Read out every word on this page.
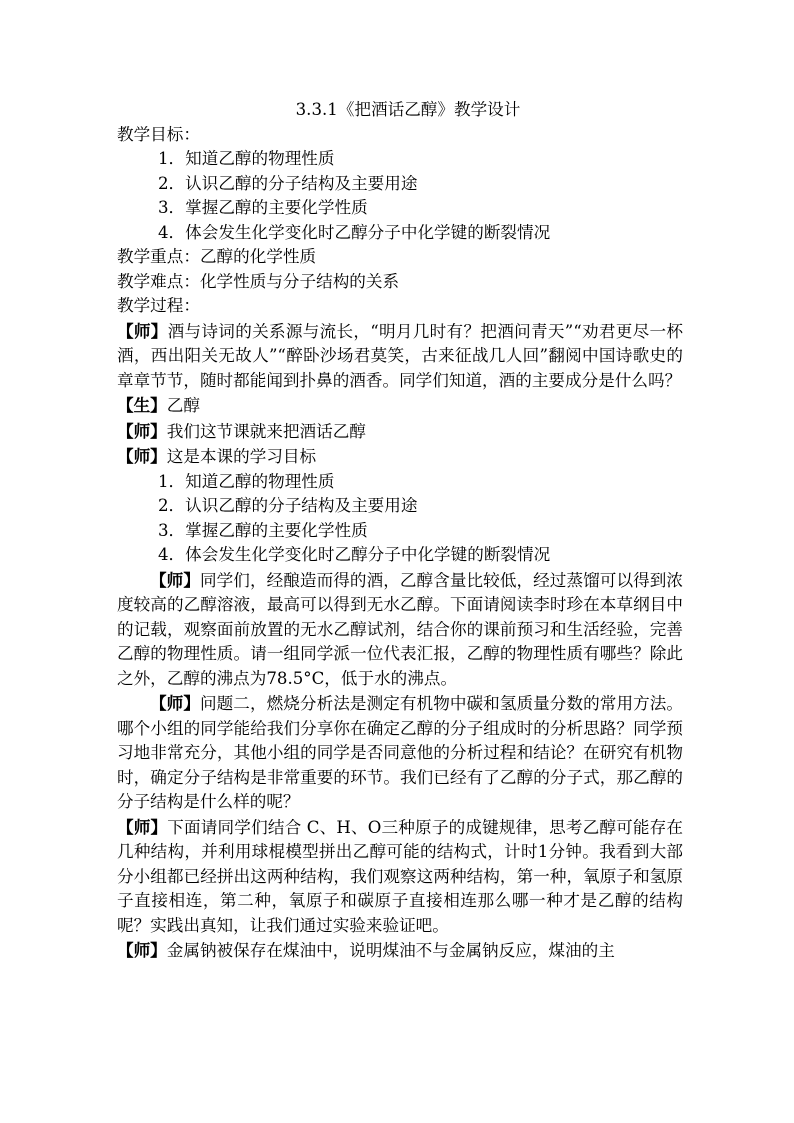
3.3.1《把酒话乙醇》教学设计

教学目标：

1．知道乙醇的物理性质

2．认识乙醇的分子结构及主要用途

3．掌握乙醇的主要化学性质

4．体会发生化学变化时乙醇分子中化学键的断裂情况

教学重点：乙醇的化学性质

教学难点：化学性质与分子结构的关系

教学过程：

【师】酒与诗词的关系源与流长，“明月几时有？把酒问青天”“劝君更尽一杯酒，西出阳关无故人”“醉卧沙场君莫笑，古来征战几人回”翻阅中国诗歌史的章章节节，随时都能闻到扑鼻的酒香。同学们知道，酒的主要成分是什么吗？

【生】乙醇

【师】我们这节课就来把酒话乙醇

【师】这是本课的学习目标

1．知道乙醇的物理性质

2．认识乙醇的分子结构及主要用途

3．掌握乙醇的主要化学性质

4．体会发生化学变化时乙醇分子中化学键的断裂情况

【师】同学们，经酿造而得的酒，乙醇含量比较低，经过蒸馏可以得到浓度较高的乙醇溶液，最高可以得到无水乙醇。下面请阅读李时珍在本草纲目中的记载，观察面前放置的无水乙醇试剂，结合你的课前预习和生活经验，完善乙醇的物理性质。请一组同学派一位代表汇报，乙醇的物理性质有哪些？除此之外，乙醇的沸点为78.5°C，低于水的沸点。

【师】问题二，燃烧分析法是测定有机物中碳和氢质量分数的常用方法。哪个小组的同学能给我们分享你在确定乙醇的分子组成时的分析思路？同学预习地非常充分，其他小组的同学是否同意他的分析过程和结论？在研究有机物时，确定分子结构是非常重要的环节。我们已经有了乙醇的分子式，那乙醇的分子结构是什么样的呢？

【师】下面请同学们结合 C、H、O三种原子的成键规律，思考乙醇可能存在几种结构，并利用球棍模型拼出乙醇可能的结构式，计时1分钟。我看到大部分小组都已经拼出这两种结构，我们观察这两种结构，第一种，氧原子和氢原子直接相连，第二种，氧原子和碳原子直接相连那么哪一种才是乙醇的结构呢？实践出真知，让我们通过实验来验证吧。

【师】金属钠被保存在煤油中，说明煤油不与金属钠反应，煤油的主
